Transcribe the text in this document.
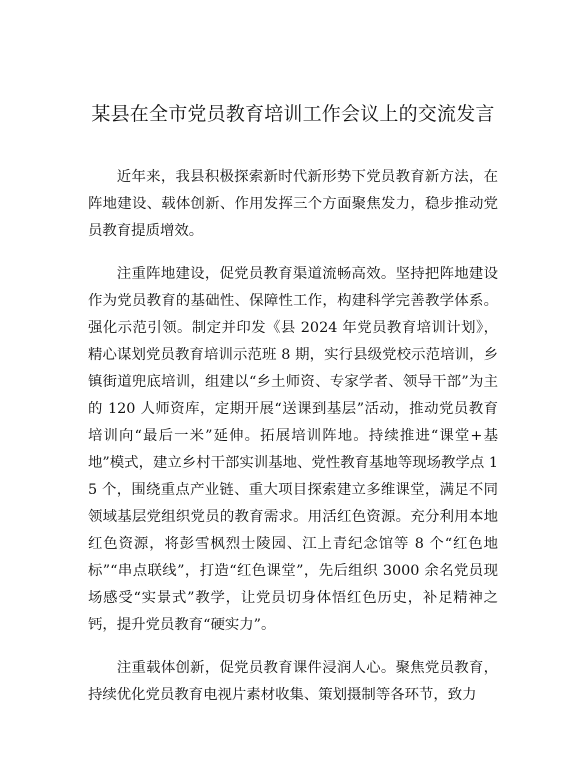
某县在全市党员教育培训工作会议上的交流发言

近年来，我县积极探索新时代新形势下党员教育新方法，在阵地建设、载体创新、作用发挥三个方面聚焦发力，稳步推动党员教育提质增效。

注重阵地建设，促党员教育渠道流畅高效。坚持把阵地建设作为党员教育的基础性、保障性工作，构建科学完善教学体系。强化示范引领。制定并印发《县 2024 年党员教育培训计划》，精心谋划党员教育培训示范班 8 期，实行县级党校示范培训，乡镇街道兜底培训，组建以“乡土师资、专家学者、领导干部”为主的 120 人师资库，定期开展“送课到基层”活动，推动党员教育培训向“最后一米”延伸。拓展培训阵地。持续推进“课堂+基地”模式，建立乡村干部实训基地、党性教育基地等现场教学点 15 个，围绕重点产业链、重大项目探索建立多维课堂，满足不同领域基层党组织党员的教育需求。用活红色资源。充分利用本地红色资源，将彭雪枫烈士陵园、江上青纪念馆等 8 个“红色地标”“串点联线”，打造“红色课堂”，先后组织 3000 余名党员现场感受“实景式”教学，让党员切身体悟红色历史，补足精神之钙，提升党员教育“硬实力”。

注重载体创新，促党员教育课件浸润人心。聚焦党员教育，持续优化党员教育电视片素材收集、策划摄制等各环节，致力
